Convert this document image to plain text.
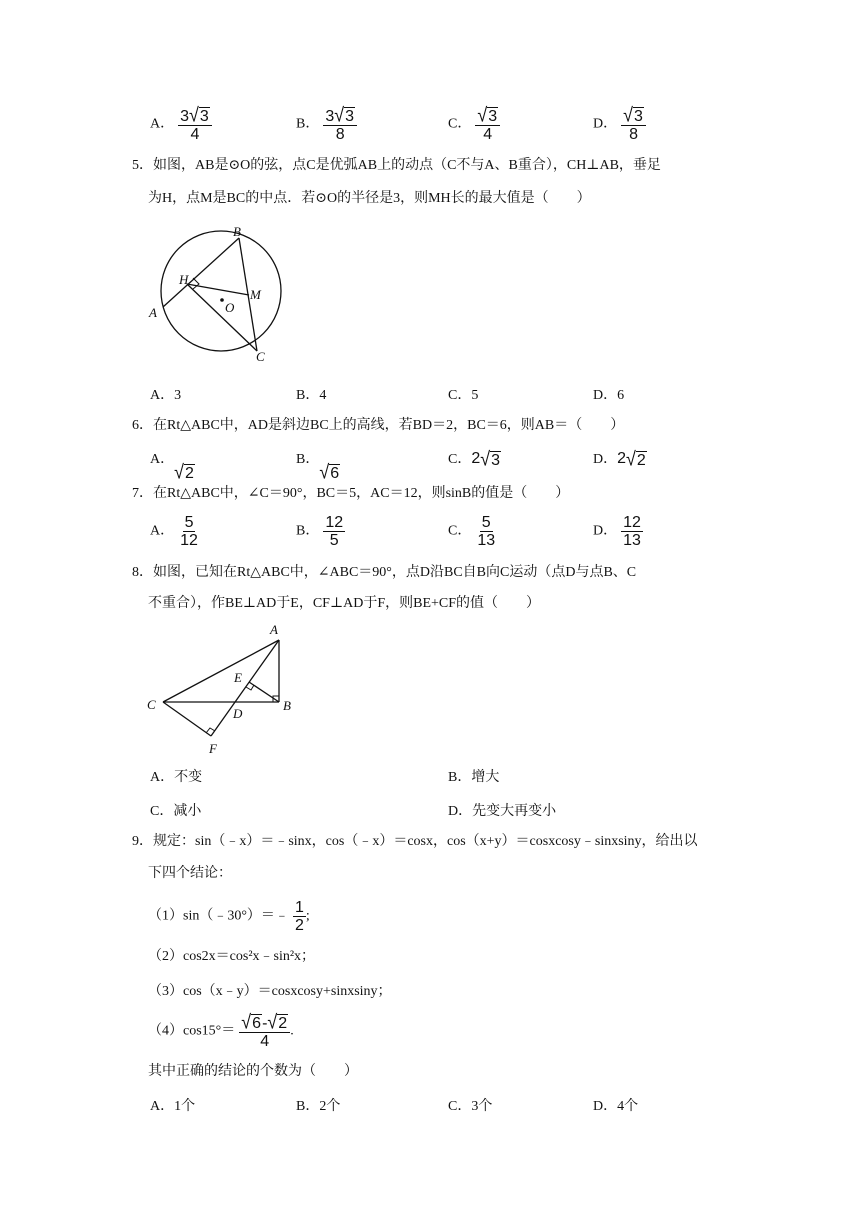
A． $\frac{3 √ 3}{4}$	B． $\frac{3 √ 3}{8}$	C． $\frac{√ 3}{4}$	D． $\frac{√ 3}{8}$
5．如图，AB是⊙O的弦，点C是优弧AB上的动点（C不与A、B重合），CH⊥AB，垂足
为H，点M是BC的中点．若⊙O的半径是3，则MH长的最大值是（　　）
B
A
C
H
M
O
A．3	B．4	C．5	D．6
6．在Rt△ABC中，AD是斜边BC上的高线，若BD＝2，BC＝6，则AB＝（　　）
A．
√ 2
B．
√ 6
C． 2 √ 3	D． 2 √ 2
7．在Rt△ABC中，∠C＝90°，BC＝5，AC＝12，则sinB的值是（　　）
A． $\frac{5}{12}$	B． $\frac{12}{5}$	C． $\frac{5}{13}$	D． $\frac{12}{13}$
8．如图，已知在Rt△ABC中，∠ABC＝90°，点D沿BC自B向C运动（点D与点B、C
不重合），作BE⊥AD于E，CF⊥AD于F，则BE+CF的值（　　）
A
C	B
E
D
F
A．不变	B．增大
C．减小	D．先变大再变小
9．规定：sin（﹣x）＝﹣sinx，cos（﹣x）＝cosx，cos（x+y）＝cosxcosy﹣sinxsiny，给出以
下四个结论：
（1）sin（﹣30°）＝﹣ $\frac{1}{2}$ ;
（2）cos2x＝cos²x﹣sin²x；
（3）cos（x﹣y）＝cosxcosy+sinxsiny；
$(4)\cos 15^\circ= \frac{√ 6 - √ 2}{4}$ .
其中正确的结论的个数为（　　）
A．1个	B．2个	C．3个	D．4个
